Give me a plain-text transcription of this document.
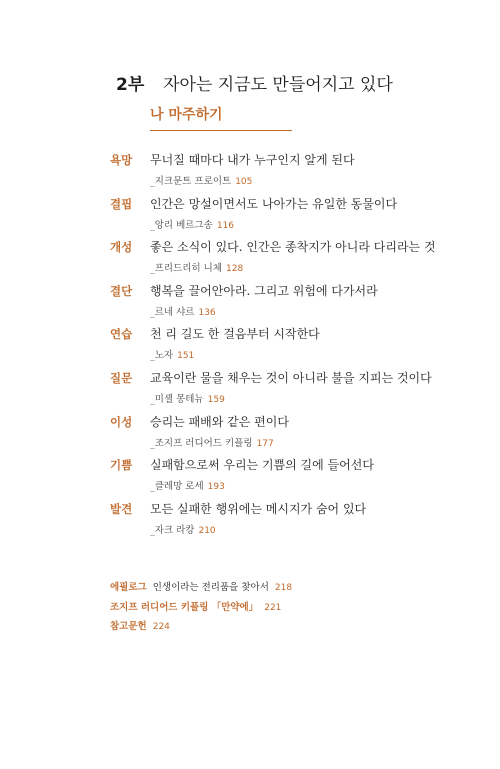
2부 자아는 지금도 만들어지고 있다
나 마주하기
욕망 무너질 때마다 내가 누구인지 알게 된다
_지크문트 프로이트 105
결핍 인간은 망설이면서도 나아가는 유일한 동물이다
_앙리 베르그송 116
개성 좋은 소식이 있다. 인간은 종착지가 아니라 다리라는 것
_프리드리히 니체 128
결단 행복을 끌어안아라. 그리고 위험에 다가서라
_르네 샤르 136
연습 천 리 길도 한 걸음부터 시작한다
_노자 151
질문 교육이란 물을 채우는 것이 아니라 불을 지피는 것이다
_미셸 몽테뉴 159
이성 승리는 패배와 같은 편이다
_조지프 러디어드 키플링 177
기쁨 실패함으로써 우리는 기쁨의 길에 들어선다
_클레망 로세 193
발견 모든 실패한 행위에는 메시지가 숨어 있다
_자크 라캉 210
에필로그 인생이라는 전리품을 찾아서 218
조지프 러디어드 키플링 「만약에」 221
참고문헌 224
